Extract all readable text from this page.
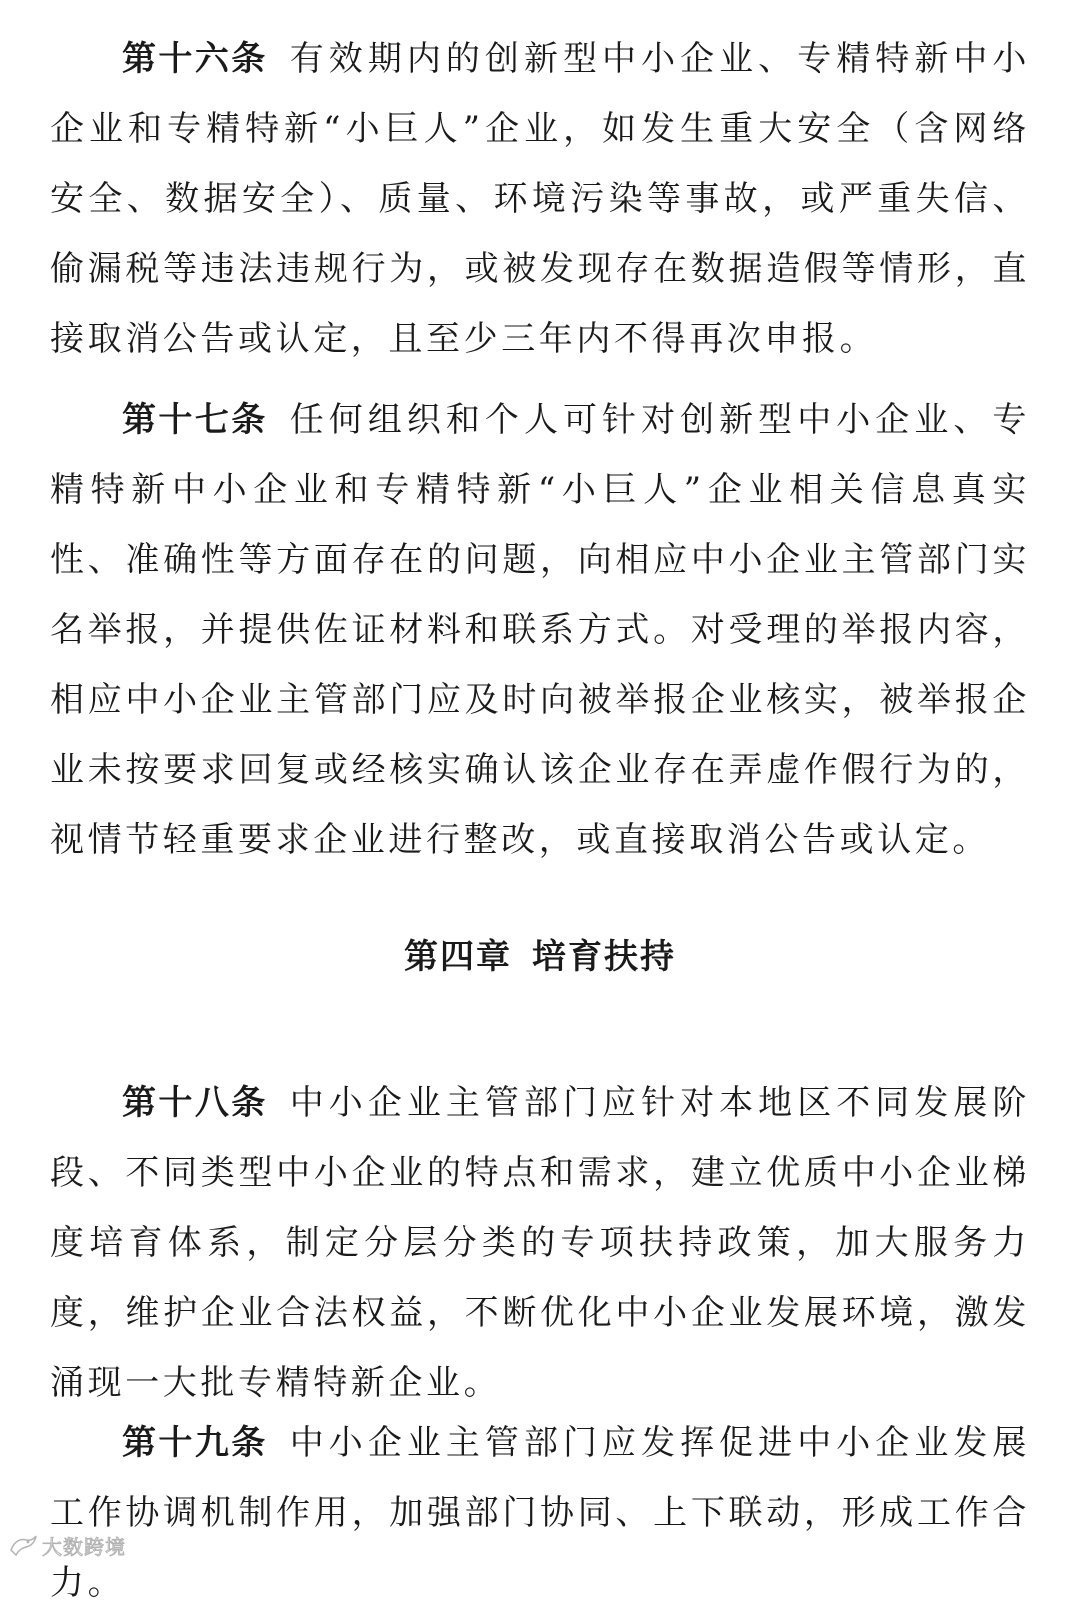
第十六条 有效期内的创新型中小企业、专精特新中小企业和专精特新“小巨人”企业，如发生重大安全（含网络安全、数据安全）、质量、环境污染等事故，或严重失信、偷漏税等违法违规行为，或被发现存在数据造假等情形，直接取消公告或认定，且至少三年内不得再次申报。

第十七条 任何组织和个人可针对创新型中小企业、专精特新中小企业和专精特新“小巨人”企业相关信息真实性、准确性等方面存在的问题，向相应中小企业主管部门实名举报，并提供佐证材料和联系方式。对受理的举报内容，相应中小企业主管部门应及时向被举报企业核实，被举报企业未按要求回复或经核实确认该企业存在弄虚作假行为的，视情节轻重要求企业进行整改，或直接取消公告或认定。

第四章 培育扶持

第十八条 中小企业主管部门应针对本地区不同发展阶段、不同类型中小企业的特点和需求，建立优质中小企业梯度培育体系，制定分层分类的专项扶持政策，加大服务力度，维护企业合法权益，不断优化中小企业发展环境，激发涌现一大批专精特新企业。

第十九条 中小企业主管部门应发挥促进中小企业发展工作协调机制作用，加强部门协同、上下联动，形成工作合力。

大数跨境
